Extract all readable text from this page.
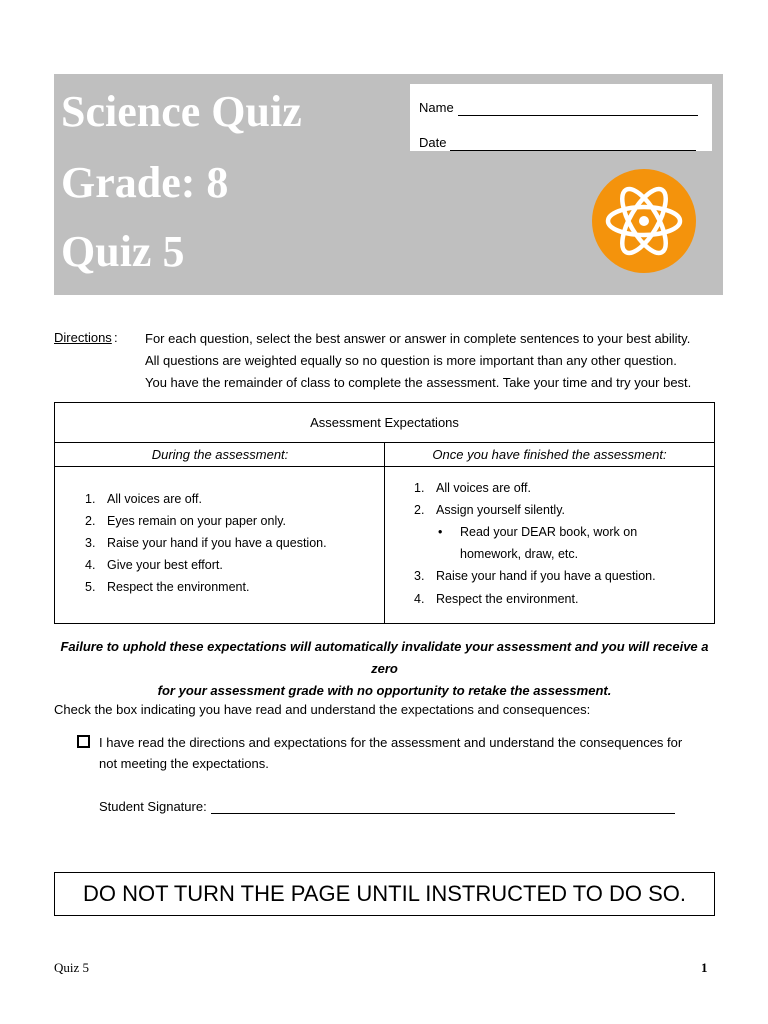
Science Quiz
Grade: 8
Quiz 5
Name
Date
Directions : For each question, select the best answer or answer in complete sentences to your best ability.
All questions are weighted equally so no question is more important than any other question.
You have the remainder of class to complete the assessment. Take your time and try your best.
Assessment Expectations
During the assessment:	Once you have finished the assessment:
1. All voices are off.
2. Eyes remain on your paper only.
3. Raise your hand if you have a question.
4. Give your best effort.
5. Respect the environment.
1. All voices are off.
2. Assign yourself silently.
•	Read your DEAR book, work on
homework, draw, etc.
3. Raise your hand if you have a question.
4. Respect the environment.
Failure to uphold these expectations will automatically invalidate your assessment and you will receive a zero
for your assessment grade with no opportunity to retake the assessment.
Check the box indicating you have read and understand the expectations and consequences:
I have read the directions and expectations for the assessment and understand the consequences for
not meeting the expectations.
Student Signature:
DO NOT TURN THE PAGE UNTIL INSTRUCTED TO DO SO.
Quiz 5	1
